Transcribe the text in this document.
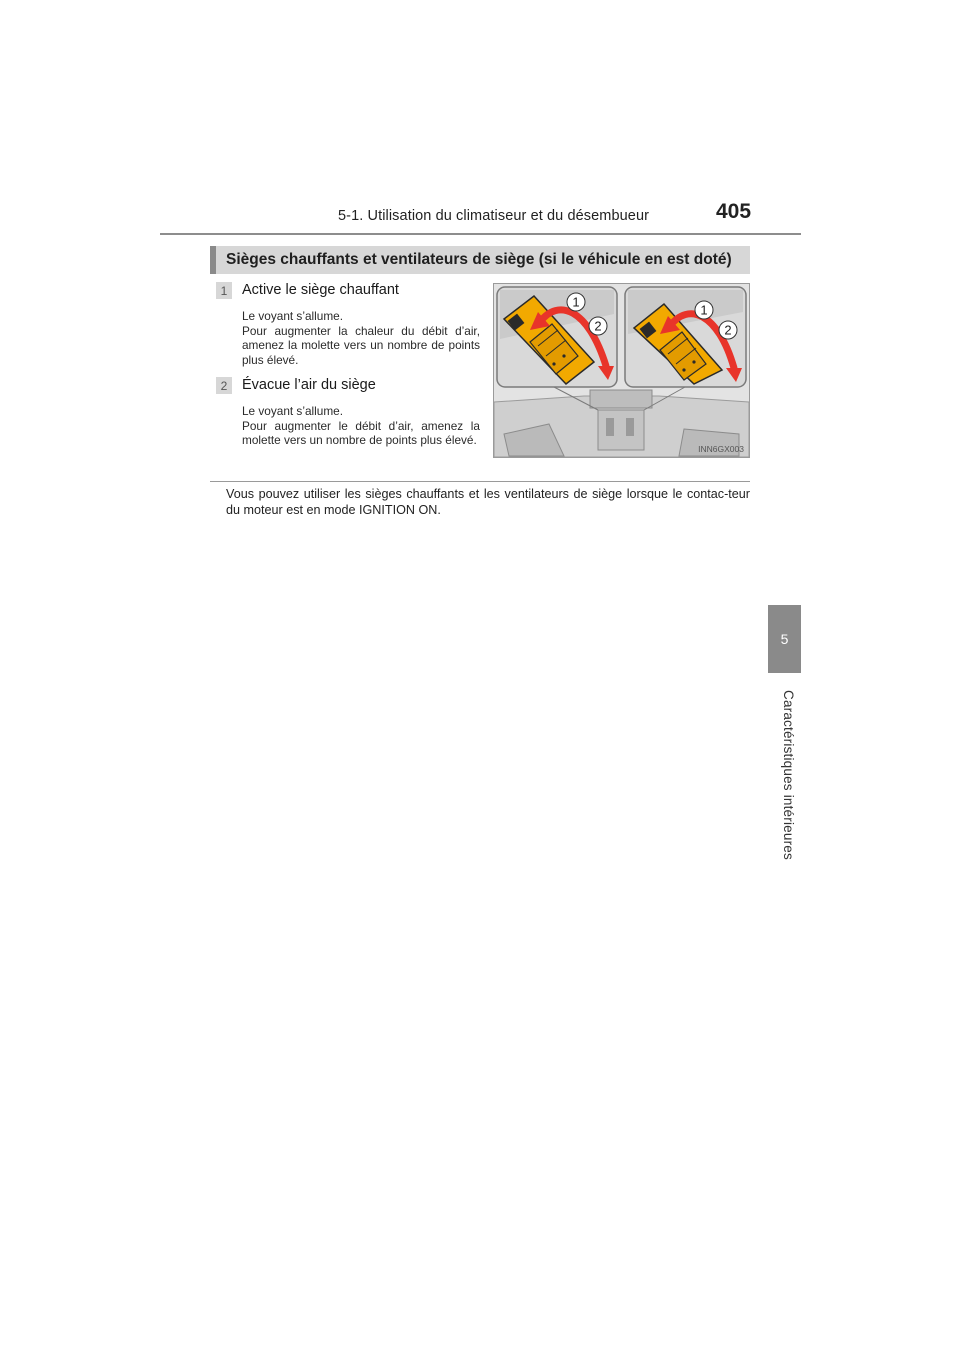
5-1. Utilisation du climatiseur et du désembueur	405
5
Caractéristiques intérieures
Sièges chauffants et ventilateurs de siège (si le véhicule en est doté)
1	Active le siège chauffant

Le voyant s’allume.

Pour augmenter la chaleur du débit d’air, amenez la molette vers un nombre de points plus élevé.

2	Évacue l’air du siège

Le voyant s’allume.

Pour augmenter le débit d’air, amenez la molette vers un nombre de points plus élevé.

1
2
1
2
INN6GX003
Vous pouvez utiliser les sièges chauffants et les ventilateurs de siège lorsque le contac-teur du moteur est en mode IGNITION ON.
